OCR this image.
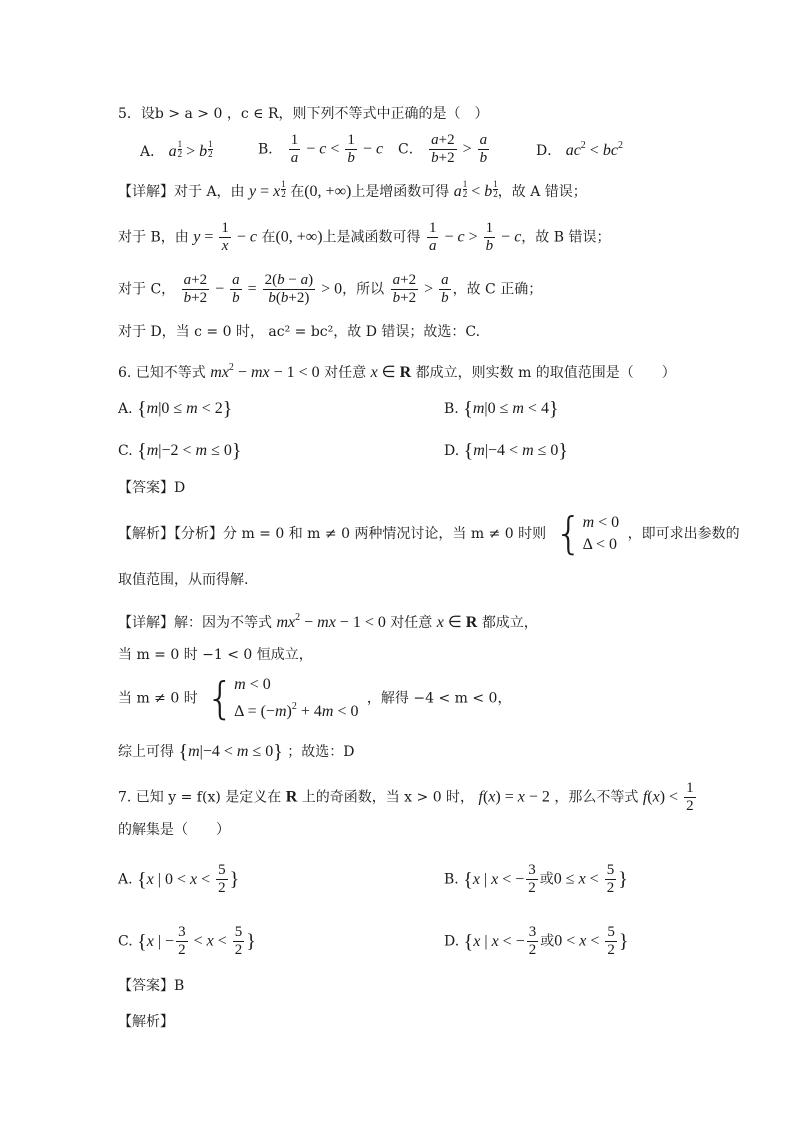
5．设b > a > 0 ，c ∈ R，则下列不等式中正确的是（　）
A． a $\frac{1}{2} > b \frac{1}{2}$	B． $\frac{1}{a} - c < \frac{1}{b} - c$ C． $\frac{a+2}{b+2} > \frac{a}{b}$	D． $ac^2 < bc^2$
【详解】对于 A，由 y = x $\frac{1}{2}$ 在(0, +∞)上是增函数可得 a $\frac{1}{2} < b \frac{1}{2}$ ，故 A 错误；
对于 B，由 $y = \frac{1}{x} - c$ 在(0, +∞)上是减函数可得 $\frac{1}{a} - c > \frac{1}{b} - c$，故 B 错误；
对于 C， $\frac{a+2}{b+2} - \frac{a}{b} = \frac{2(b - a)}{b(b+2)} > 0$，所以 $\frac{a+2}{b+2} > \frac{a}{b}$ ，故 C 正确；
对于 D，当 c = 0 时， ac² = bc²，故 D 错误；故选：C.
6. 已知不等式 $mx^2$ − mx − 1 < 0 对任意 x ∈ R 都成立，则实数 m 的取值范围是（　　）
A. {m|0 ≤ m < 2}	B. {m|0 ≤ m < 4}
C. {m|−2 < m ≤ 0}	D. {m|−4 < m ≤ 0}
【答案】D
【解析】【分析】分 m = 0 和 m ≠ 0 两种情况讨论，当 m ≠ 0 时则 { m < 0
Δ < 0
，即可求出参数的
取值范围，从而得解.
【详解】解：因为不等式 $mx^2$ − mx − 1 < 0 对任意 x ∈ R 都成立，
当 m = 0 时 −1 < 0 恒成立，
当 m ≠ 0 时 { m < 0
$\Delta = (-m)^2 + 4m < 0$
，解得 −4 < m < 0，
综上可得 {m|−4 < m ≤ 0} ；故选：D
7. 已知 y = f(x) 是定义在 R 上的奇函数，当 x > 0 时， f(x) = x − 2 ，那么不等式 $f(x) < \frac{1}{2}$
的解集是（　　）
A. {x | $0 < x < \frac{5}{2}$ }	B. {x | x < − $\frac{3}{2}$ 或$0 \le x < \frac{5}{2}$ }
C. {x | − $\frac{3}{2} < x < \frac{5}{2}$ }	D. {x | x < − $\frac{3}{2}$ 或$0 < x < \frac{5}{2}$ }
【答案】B
【解析】
